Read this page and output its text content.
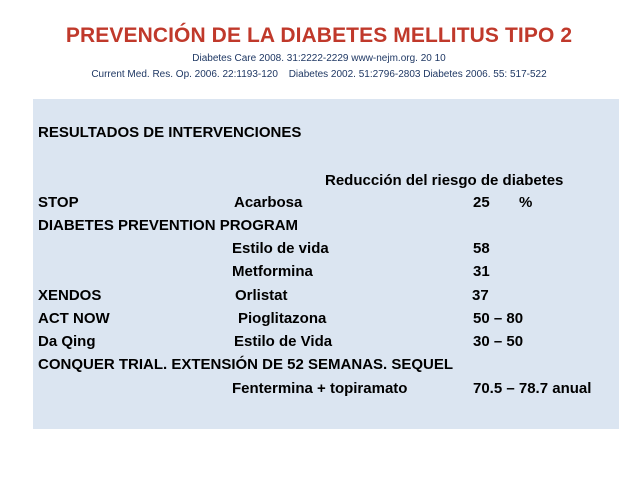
PREVENCIÓN DE LA DIABETES MELLITUS TIPO 2
Diabetes Care 2008. 31:2222-2229 www-nejm.org. 20 10
Current Med. Res. Op. 2006. 22:1193-120 Diabetes 2002. 51:2796-2803 Diabetes 2006. 55: 517-522
RESULTADOS DE INTERVENCIONES
Reducción del riesgo de diabetes
STOP	Acarbosa	25 %
DIABETES PREVENTION PROGRAM
Estilo de vida	58
Metformina	31
XENDOS	Orlistat	37
ACT NOW	Pioglitazona	50 – 80
Da Qing	Estilo de Vida	30 – 50
CONQUER TRIAL. EXTENSIÓN DE 52 SEMANAS. SEQUEL
Fentermina + topiramato	70.5 – 78.7 anual
